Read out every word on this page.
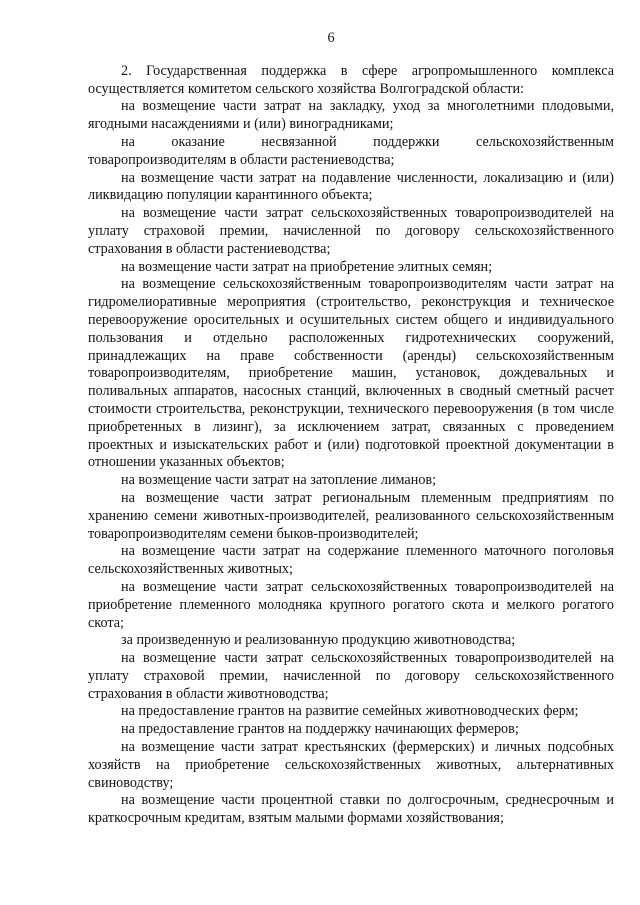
6

2. Государственная поддержка в сфере агропромышленного комплекса осуществляется комитетом сельского хозяйства Волгоградской области:

на возмещение части затрат на закладку, уход за многолетними плодовыми, ягодными насаждениями и (или) виноградниками;

на оказание несвязанной поддержки сельскохозяйственным товаропроизводителям в области растениеводства;

на возмещение части затрат на подавление численности, локализацию и (или) ликвидацию популяции карантинного объекта;

на возмещение части затрат сельскохозяйственных товаропроизводителей на уплату страховой премии, начисленной по договору сельскохозяйственного страхования в области растениеводства;

на возмещение части затрат на приобретение элитных семян;

на возмещение сельскохозяйственным товаропроизводителям части затрат на гидромелиоративные мероприятия (строительство, реконструкция и техническое перевооружение оросительных и осушительных систем общего и индивидуального пользования и отдельно расположенных гидротехнических сооружений, принадлежащих на праве собственности (аренды) сельскохозяйственным товаропроизводителям, приобретение машин, установок, дождевальных и поливальных аппаратов, насосных станций, включенных в сводный сметный расчет стоимости строительства, реконструкции, технического перевооружения (в том числе приобретенных в лизинг), за исключением затрат, связанных с проведением проектных и изыскательских работ и (или) подготовкой проектной документации в отношении указанных объектов;

на возмещение части затрат на затопление лиманов;

на возмещение части затрат региональным племенным предприятиям по хранению семени животных-производителей, реализованного сельскохозяйственным товаропроизводителям семени быков-производителей;

на возмещение части затрат на содержание племенного маточного поголовья сельскохозяйственных животных;

на возмещение части затрат сельскохозяйственных товаропроизводителей на приобретение племенного молодняка крупного рогатого скота и мелкого рогатого скота;

за произведенную и реализованную продукцию животноводства;

на возмещение части затрат сельскохозяйственных товаропроизводителей на уплату страховой премии, начисленной по договору сельскохозяйственного страхования в области животноводства;

на предоставление грантов на развитие семейных животноводческих ферм;

на предоставление грантов на поддержку начинающих фермеров;

на возмещение части затрат крестьянских (фермерских) и личных подсобных хозяйств на приобретение сельскохозяйственных животных, альтернативных свиноводству;

на возмещение части процентной ставки по долгосрочным, среднесрочным и краткосрочным кредитам, взятым малыми формами хозяйствования;
